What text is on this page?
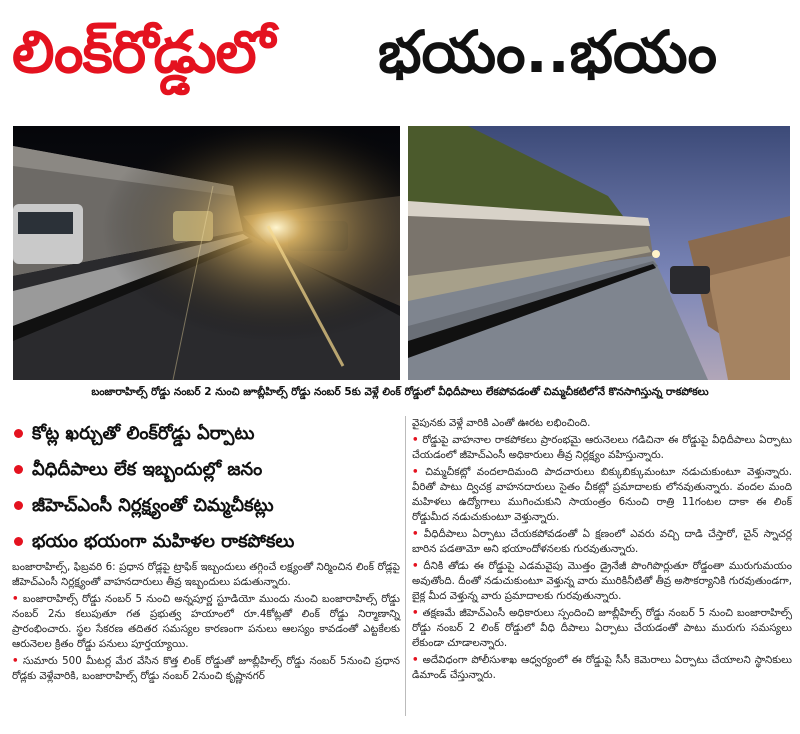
లింక్‌రోడ్డులో భయం..భయం
బంజారాహిల్స్ రోడ్డు నంబర్ 2 నుంచి జూబ్లీహిల్స్ రోడ్డు నంబర్ 5కు వెళ్లే లింక్ రోడ్డులో వీధిదీపాలు లేకపోవడంతో చిమ్మచీకటిలోనే కొనసాగిస్తున్న రాకపోకలు
కోట్ల ఖర్చుతో లింక్‌రోడ్డు ఏర్పాటు
వీధిదీపాలు లేక ఇబ్బందుల్లో జనం
జీహెచ్ఎంసీ నిర్లక్ష్యంతో చిమ్మచీకట్లు
భయం భయంగా మహిళల రాకపోకలు

బంజారాహిల్స్, ఫిబ్రవరి 6: ప్రధాన రోడ్లపై ట్రాఫిక్ ఇబ్బందులు తగ్గించే లక్ష్యంతో నిర్మించిన లింక్ రోడ్లపై జీహెచ్ఎంసీ నిర్లక్ష్యంతో వాహనదారులు తీవ్ర ఇబ్బందులు పడుతున్నారు.

• బంజారాహిల్స్ రోడ్డు నంబర్ 5 నుంచి అన్నపూర్ణ స్టూడియో ముందు నుంచి బంజారాహిల్స్ రోడ్డు నంబర్ 2ను కలుపుతూ గత ప్రభుత్వ హయాంలో రూ.4కోట్లతో లింక్ రోడ్డు నిర్మాణాన్ని ప్రారంభించారు. స్థల సేకరణ తదితర సమస్యల కారణంగా పనులు ఆలస్యం కావడంతో ఎట్టకేలకు ఆరునెలల క్రితం రోడ్డు పనులు పూర్తయ్యాయి.

• సుమారు 500 మీటర్ల మేర వేసిన కొత్త లింక్ రోడ్డుతో జూబ్లీహిల్స్ రోడ్డు నంబర్ 5నుంచి ప్రధాన రోడ్లకు వెళ్లేవారికి, బంజారాహిల్స్ రోడ్డు నంబర్ 2నుంచి కృష్ణానగర్

వైపునకు వెళ్లే వారికి ఎంతో ఊరట లభించింది.

• రోడ్డుపై వాహనాల రాకపోకలు ప్రారంభమై ఆరునెలలు గడిచినా ఈ రోడ్డుపై వీధిదీపాలు ఏర్పాటు చేయడంలో జీహెచ్ఎంసీ అధికారులు తీవ్ర నిర్లక్ష్యం వహిస్తున్నారు.

• చిమ్మచీకట్లో వందలాదిమంది పాదచారులు బిక్కుబిక్కుమంటూ నడుచుకుంటూ వెళ్తున్నారు. వీరితో పాటు ద్విచక్ర వాహనదారులు సైతం చీకట్లో ప్రమాదాలకు లోనవుతున్నారు. వందల మంది మహిళలు ఉద్యోగాలు ముగించుకుని సాయంత్రం 6నుంచి రాత్రి 11గంటల దాకా ఈ లింక్ రోడ్డుమీద నడుచుకుంటూ వెళ్తున్నారు.

• వీధిదీపాలు ఏర్పాటు చేయకపోవడంతో ఏ క్షణంలో ఎవరు వచ్చి దాడి చేస్తారో, చైన్ స్నాచర్ల బారిన పడతామో అని భయాందోళనలకు గురవుతున్నారు.

• దీనికి తోడు ఈ రోడ్డుపై ఎడమవైపు మొత్తం డ్రైనేజీ పొంగిపొర్లుతూ రోడ్డంతా మురుగుమయం అవుతోంది. దీంతో నడుచుకుంటూ వెళ్తున్న వారు మురికినీటితో తీవ్ర అసౌకర్యానికి గురవుతుండగా, బైక్ల మీద వెళ్తున్న వారు ప్రమాదాలకు గురవుతున్నారు.

• తక్షణమే జీహెచ్ఎంసీ అధికారులు స్పందించి జూబ్లీహిల్స్ రోడ్డు నంబర్ 5 నుంచి బంజారాహిల్స్ రోడ్డు నంబర్ 2 లింక్ రోడ్డులో వీధి దీపాలు ఏర్పాటు చేయడంతో పాటు మురుగు సమస్యలు లేకుండా చూడాలన్నారు.

• అదేవిధంగా పోలీసుశాఖ ఆధ్వర్యంలో ఈ రోడ్డుపై సీసీ కెమెరాలు ఏర్పాటు చేయాలని స్థానికులు డిమాండ్ చేస్తున్నారు.
